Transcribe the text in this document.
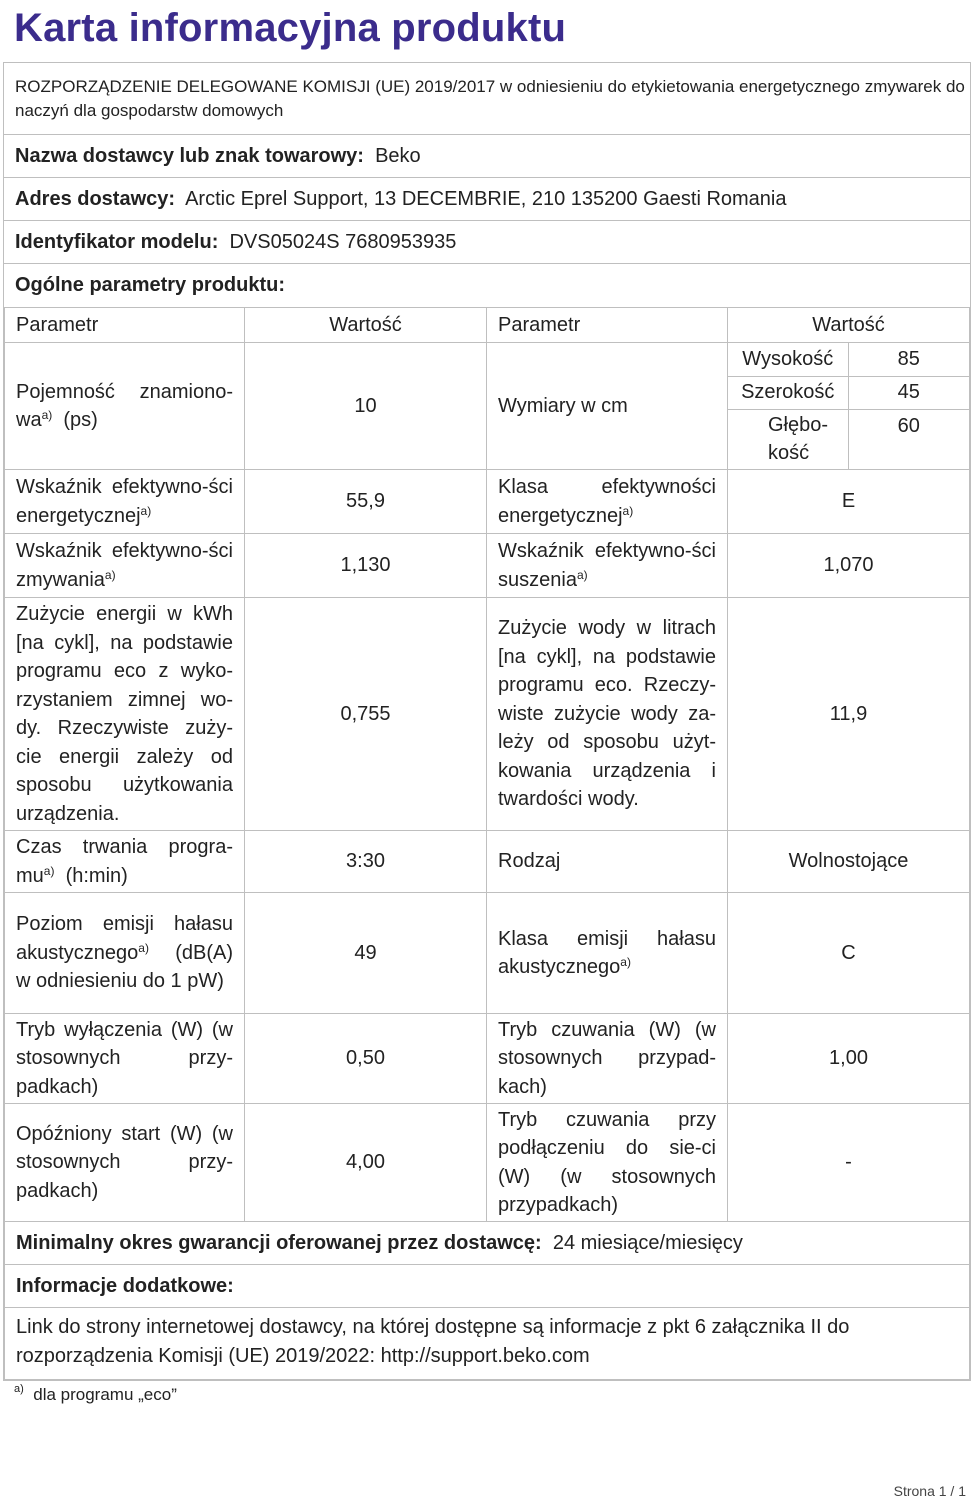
Karta informacyjna produktu
ROZPORZĄDZENIE DELEGOWANE KOMISJI (UE) 2019/2017 w odniesieniu do etykietowania energetycznego zmywarek do naczyń dla gospodarstw domowych
Nazwa dostawcy lub znak towarowy: Beko
Adres dostawcy: Arctic Eprel Support, 13 DECEMBRIE, 210 135200 Gaesti Romania
Identyfikator modelu: DVS05024S 7680953935
Ogólne parametry produktu:
Parametr	Wartość	Parametr	Wartość
Pojemność znamiono-$wa^{a)}$ (ps)	10	Wymiary w cm	
Wysokość	85
Szerokość	45
Głębo-kość	60

Wskaźnik efektywno-ści energetycznej$^{a)}$	55,9	Klasa efektywności energetycznej$^{a)}$	E
Wskaźnik efektywno-ści zmywania$^{a)}$	1,130	Wskaźnik efektywno-ści suszenia$^{a)}$	1,070
Zużycie energii w kWh [na cykl], na podstawie programu eco z wyko-rzystaniem zimnej wo-dy. Rzeczywiste zuży-cie energii zależy od sposobu użytkowania urządzenia.	0,755	Zużycie wody w litrach [na cykl], na podstawie programu eco. Rzeczy-wiste zużycie wody za-leży od sposobu użyt-kowania urządzenia i twardości wody.	11,9
Czas trwania progra-$mu^{a)}$ (h:min)	3:30	Rodzaj	Wolnostojące
Poziom emisji hałasu akustycznego$^{a)}$ (dB(A) w odniesieniu do 1 pW)	49	Klasa emisji hałasu akustycznego$^{a)}$	C
Tryb wyłączenia (W) (w stosownych przy-padkach)	0,50	Tryb czuwania (W) (w stosownych przypad-kach)	1,00
Opóźniony start (W) (w stosownych przy-padkach)	4,00	Tryb czuwania przy podłączeniu do sie-ci (W) (w stosownych przypadkach)	-
Minimalny okres gwarancji oferowanej przez dostawcę: 24 miesiące/miesięcy
Informacje dodatkowe:
Link do strony internetowej dostawcy, na której dostępne są informacje z pkt 6 załącznika II do rozporządzenia Komisji (UE) 2019/2022: http://support.beko.com
$^{a)}$ dla programu „eco”
Strona 1 / 1
